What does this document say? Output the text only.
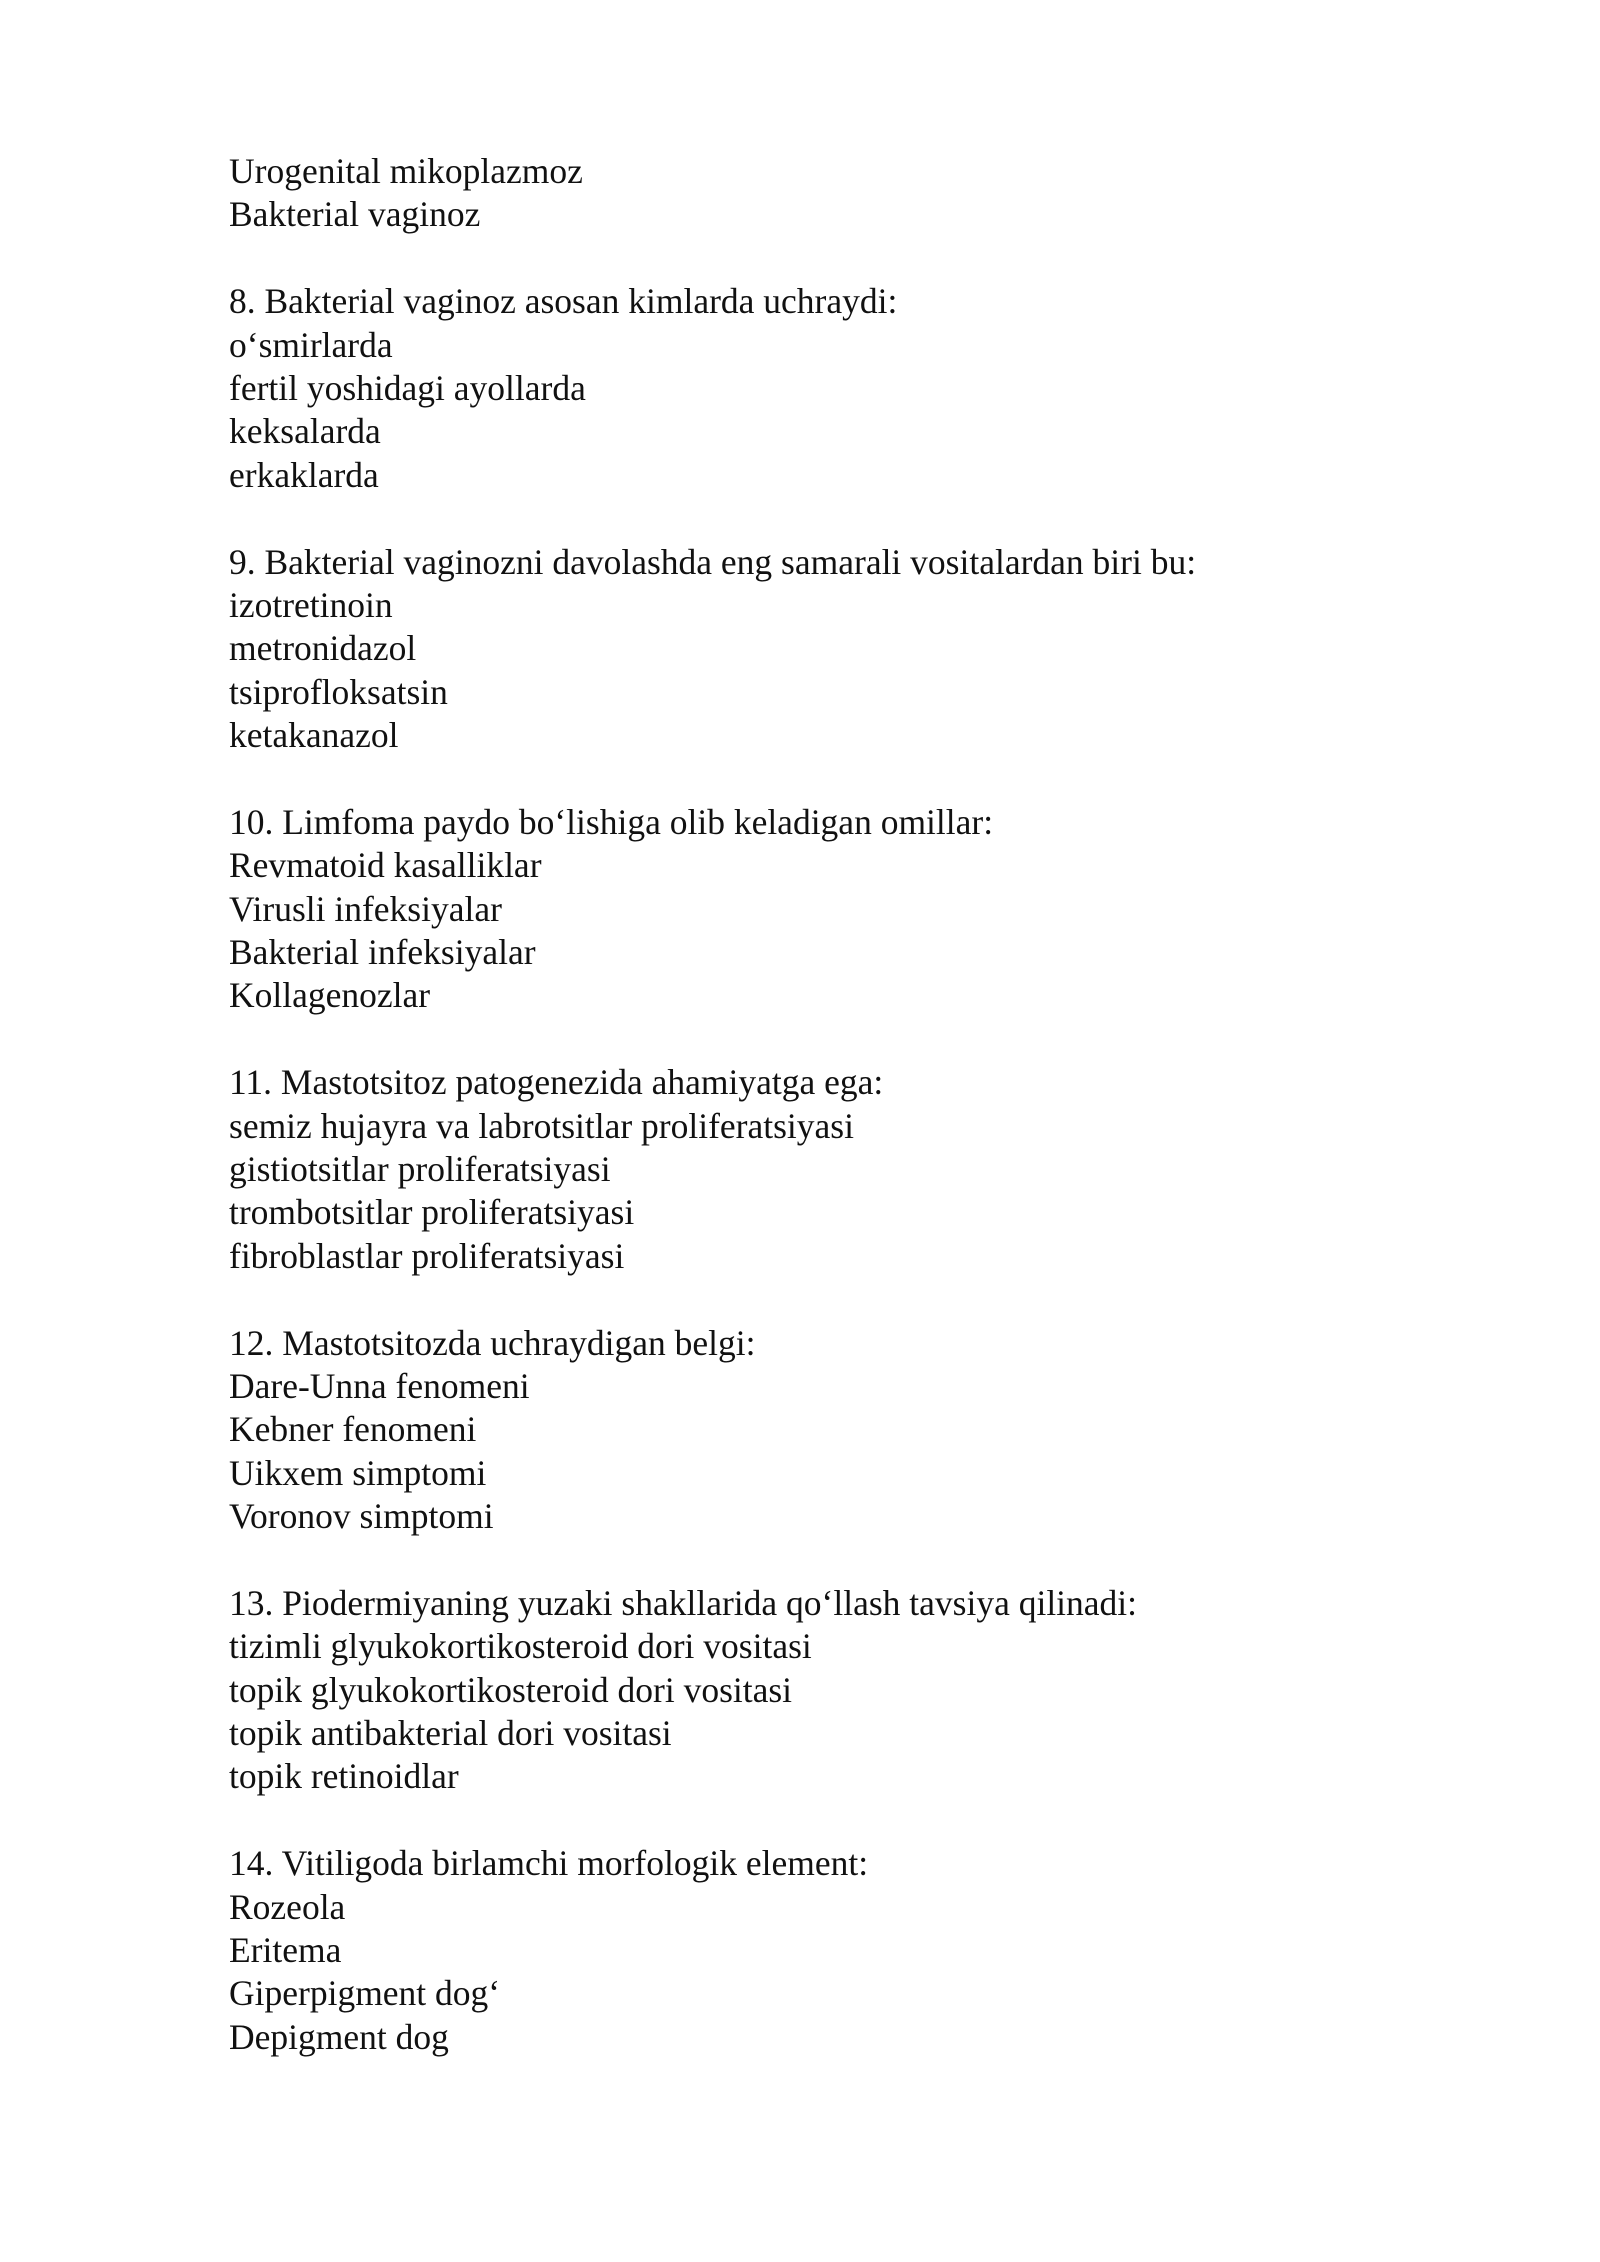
Urogenital mikoplazmoz
Bakterial vaginoz
8. Bakterial vaginoz asosan kimlarda uchraydi:
o‘smirlarda
fertil yoshidagi ayollarda
keksalarda
erkaklarda
9. Bakterial vaginozni davolashda eng samarali vositalardan biri bu:
izotretinoin
metronidazol
tsiprofloksatsin
ketakanazol
10. Limfoma paydo bo‘lishiga olib keladigan omillar:
Revmatoid kasalliklar
Virusli infeksiyalar
Bakterial infeksiyalar
Kollagenozlar
11. Mastotsitoz patogenezida ahamiyatga ega:
semiz hujayra va labrotsitlar proliferatsiyasi
gistiotsitlar proliferatsiyasi
trombotsitlar proliferatsiyasi
fibroblastlar proliferatsiyasi
12. Mastotsitozda uchraydigan belgi:
Dare-Unna fenomeni
Kebner fenomeni
Uikxem simptomi
Voronov simptomi
13. Piodermiyaning yuzaki shakllarida qo‘llash tavsiya qilinadi:
tizimli glyukokortikosteroid dori vositasi
topik glyukokortikosteroid dori vositasi
topik antibakterial dori vositasi
topik retinoidlar
14. Vitiligoda birlamchi morfologik element:
Rozeola
Eritema
Giperpigment dog‘
Depigment dog
